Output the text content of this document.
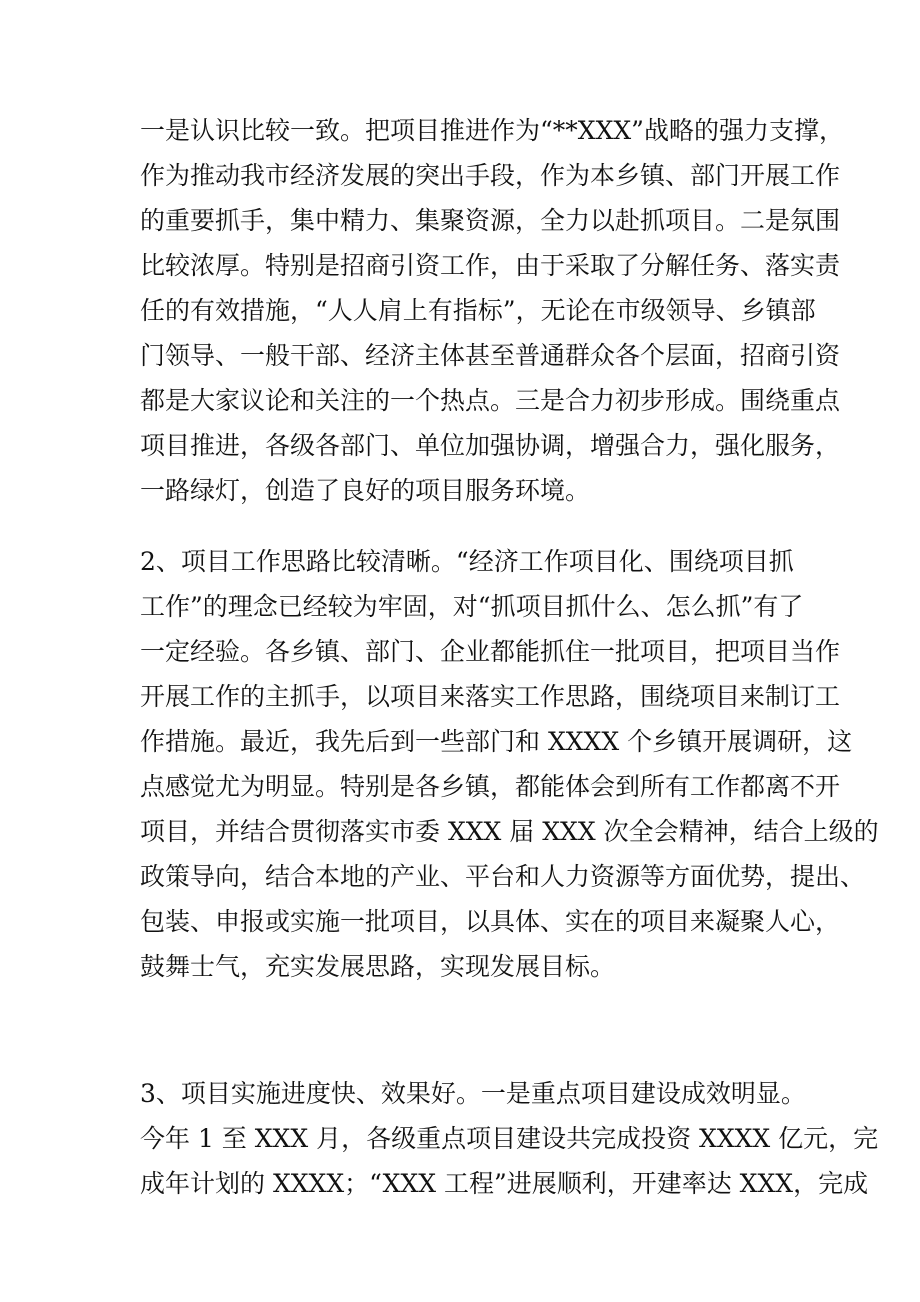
一是认识比较一致。把项目推进作为“**XXX”战略的强力支撑，
作为推动我市经济发展的突出手段，作为本乡镇、部门开展工作
的重要抓手，集中精力、集聚资源，全力以赴抓项目。二是氛围
比较浓厚。特别是招商引资工作，由于采取了分解任务、落实责
任的有效措施，“人人肩上有指标”，无论在市级领导、乡镇部
门领导、一般干部、经济主体甚至普通群众各个层面，招商引资
都是大家议论和关注的一个热点。三是合力初步形成。围绕重点
项目推进，各级各部门、单位加强协调，增强合力，强化服务，
一路绿灯，创造了良好的项目服务环境。

2、项目工作思路比较清晰。“经济工作项目化、围绕项目抓
工作”的理念已经较为牢固，对“抓项目抓什么、怎么抓”有了
一定经验。各乡镇、部门、企业都能抓住一批项目，把项目当作
开展工作的主抓手，以项目来落实工作思路，围绕项目来制订工
作措施。最近，我先后到一些部门和 XXXX 个乡镇开展调研，这
点感觉尤为明显。特别是各乡镇，都能体会到所有工作都离不开
项目，并结合贯彻落实市委 XXX 届 XXX 次全会精神，结合上级的
政策导向，结合本地的产业、平台和人力资源等方面优势，提出、
包装、申报或实施一批项目，以具体、实在的项目来凝聚人心，
鼓舞士气，充实发展思路，实现发展目标。

3、项目实施进度快、效果好。一是重点项目建设成效明显。
今年 1 至 XXX 月，各级重点项目建设共完成投资 XXXX 亿元，完
成年计划的 XXXX；“XXX 工程”进展顺利，开建率达 XXX，完成
